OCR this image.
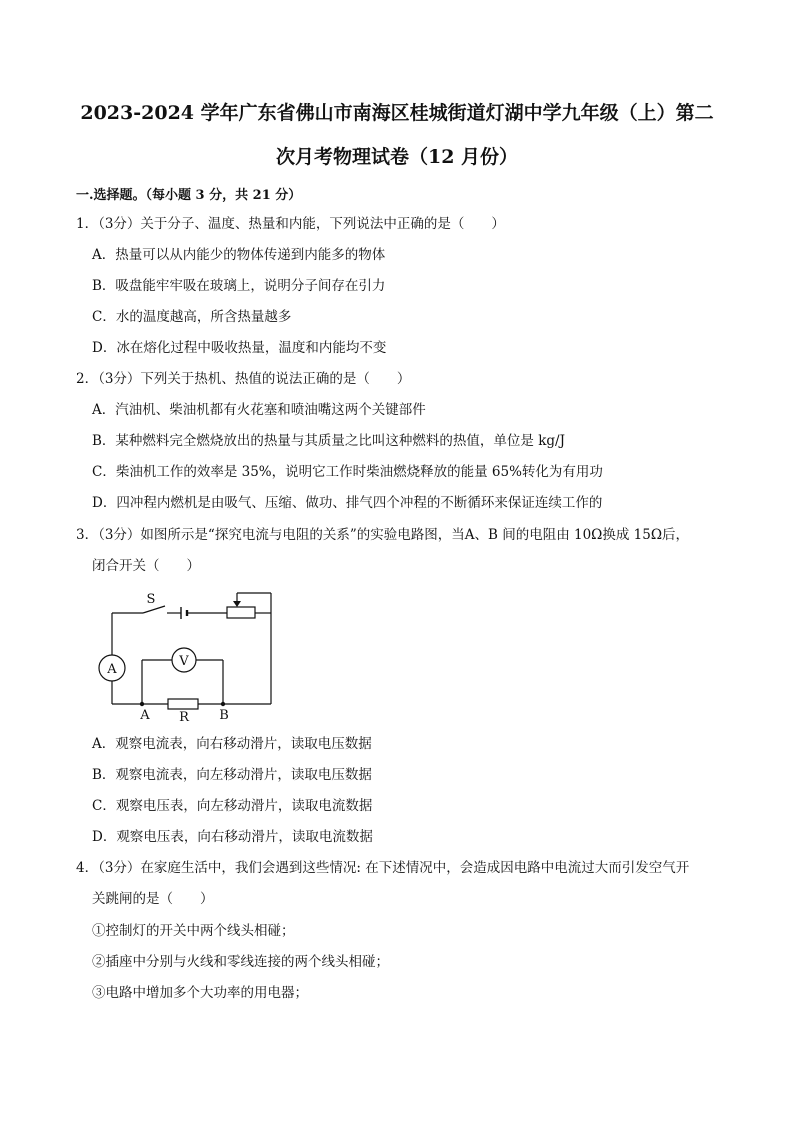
2023-2024 学年广东省佛山市南海区桂城街道灯湖中学九年级（上）第二
次月考物理试卷（12 月份）
一.选择题。（每小题 3 分，共 21 分）
1．（3分）关于分子、温度、热量和内能，下列说法中正确的是（　　）
A．热量可以从内能少的物体传递到内能多的物体
B．吸盘能牢牢吸在玻璃上，说明分子间存在引力
C．水的温度越高，所含热量越多
D．冰在熔化过程中吸收热量，温度和内能均不变
2．（3分）下列关于热机、热值的说法正确的是（　　）
A．汽油机、柴油机都有火花塞和喷油嘴这两个关键部件
B．某种燃料完全燃烧放出的热量与其质量之比叫这种燃料的热值，单位是 kg/J
C．柴油机工作的效率是 35%，说明它工作时柴油燃烧释放的能量 65%转化为有用功
D．四冲程内燃机是由吸气、压缩、做功、排气四个冲程的不断循环来保证连续工作的
3．（3分）如图所示是“探究电流与电阻的关系”的实验电路图，当A、B 间的电阻由 10Ω换成 15Ω后，
闭合开关（　　）
S
A
V
A R B
A．观察电流表，向右移动滑片，读取电压数据
B．观察电流表，向左移动滑片，读取电压数据
C．观察电压表，向左移动滑片，读取电流数据
D．观察电压表，向右移动滑片，读取电流数据
4．（3分）在家庭生活中，我们会遇到这些情况: 在下述情况中，会造成因电路中电流过大而引发空气开
关跳闸的是（　　）
①控制灯的开关中两个线头相碰；
②插座中分别与火线和零线连接的两个线头相碰；
③电路中增加多个大功率的用电器；
